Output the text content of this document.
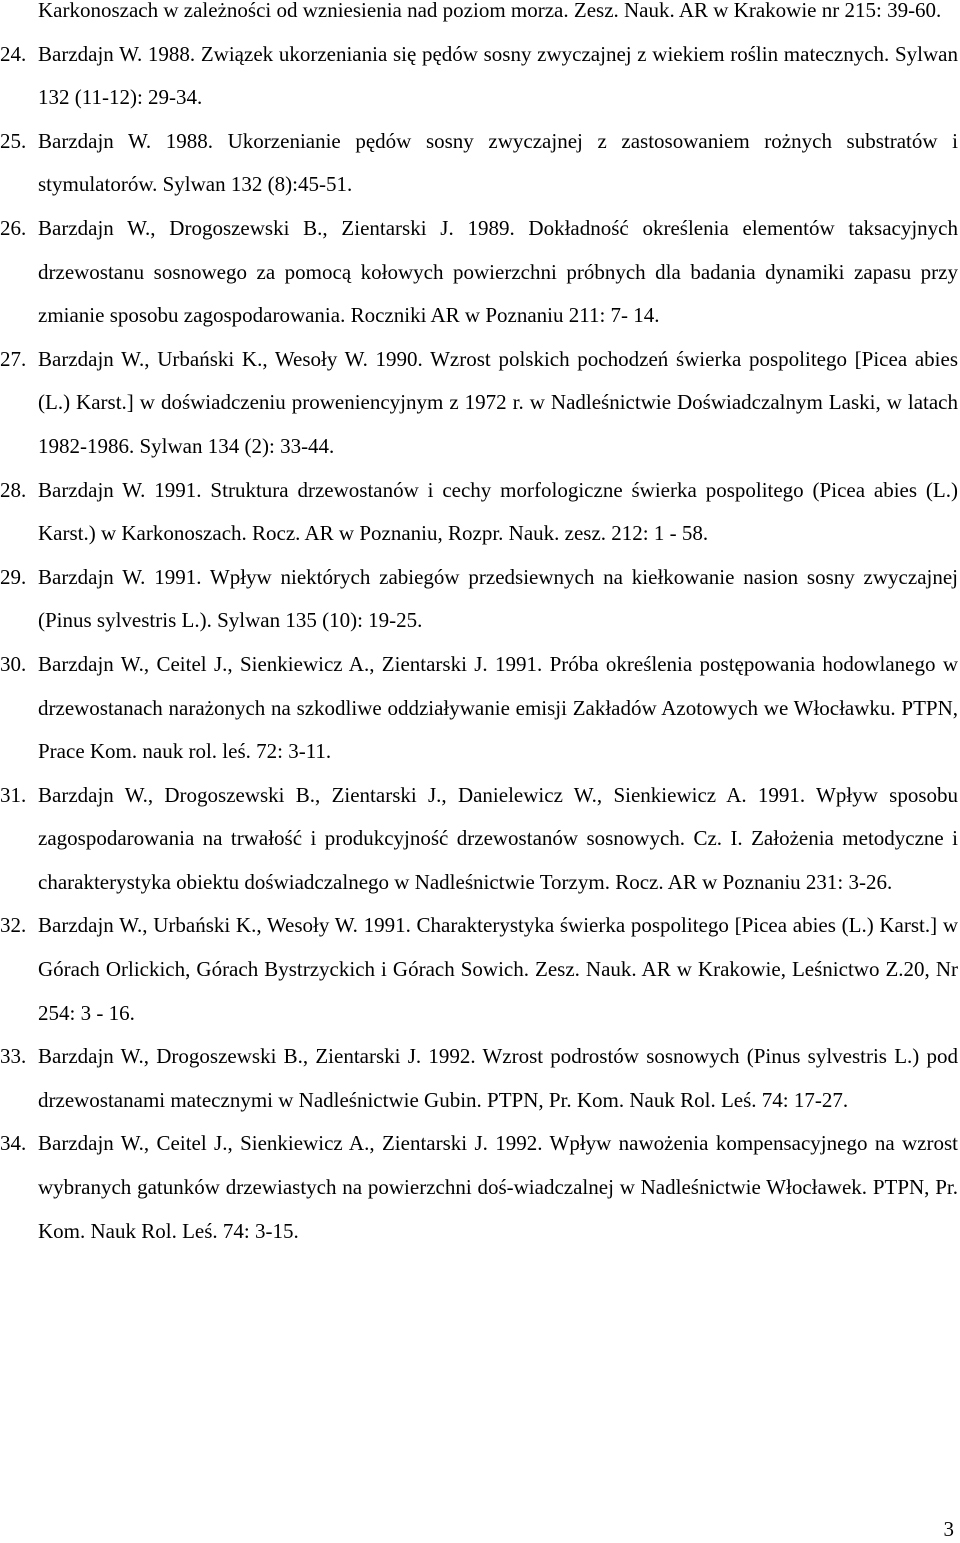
Karkonoszach w zależności od wzniesienia nad poziom morza. Zesz. Nauk. AR w Krakowie nr 215: 39-60.
24. Barzdajn W. 1988. Związek ukorzeniania się pędów sosny zwyczajnej z wiekiem roślin matecznych. Sylwan 132 (11-12): 29-34.
25. Barzdajn W. 1988. Ukorzenianie pędów sosny zwyczajnej z zastosowaniem rożnych substratów i stymulatorów. Sylwan 132 (8):45-51.
26. Barzdajn W., Drogoszewski B., Zientarski J. 1989. Dokładność określenia elementów taksacyjnych drzewostanu sosnowego za pomocą kołowych powierzchni próbnych dla badania dynamiki zapasu przy zmianie sposobu zagospodarowania. Roczniki AR w Poznaniu 211: 7- 14.
27. Barzdajn W., Urbański K., Wesoły W. 1990. Wzrost polskich pochodzeń świerka pospolitego [Picea abies (L.) Karst.] w doświadczeniu proweniencyjnym z 1972 r. w Nadleśnictwie Doświadczalnym Laski, w latach 1982-1986. Sylwan 134 (2): 33-44.
28. Barzdajn W. 1991. Struktura drzewostanów i cechy morfologiczne świerka pospolitego (Picea abies (L.) Karst.) w Karkonoszach. Rocz. AR w Poznaniu, Rozpr. Nauk. zesz. 212: 1 - 58.
29. Barzdajn W. 1991. Wpływ niektórych zabiegów przedsiewnych na kiełkowanie nasion sosny zwyczajnej (Pinus sylvestris L.). Sylwan 135 (10): 19-25.
30. Barzdajn W., Ceitel J., Sienkiewicz A., Zientarski J. 1991. Próba określenia postępowania hodowlanego w drzewostanach narażonych na szkodliwe oddziaływanie emisji Zakładów Azotowych we Włocławku. PTPN, Prace Kom. nauk rol. leś. 72: 3-11.
31. Barzdajn W., Drogoszewski B., Zientarski J., Danielewicz W., Sienkiewicz A. 1991. Wpływ sposobu zagospodarowania na trwałość i produkcyjność drzewostanów sosnowych. Cz. I. Założenia metodyczne i charakterystyka obiektu doświadczalnego w Nadleśnictwie Torzym. Rocz. AR w Poznaniu 231: 3-26.
32. Barzdajn W., Urbański K., Wesoły W. 1991. Charakterystyka świerka pospolitego [Picea abies (L.) Karst.] w Górach Orlickich, Górach Bystrzyckich i Górach Sowich. Zesz. Nauk. AR w Krakowie, Leśnictwo Z.20, Nr 254: 3 - 16.
33. Barzdajn W., Drogoszewski B., Zientarski J. 1992. Wzrost podrostów sosnowych (Pinus sylvestris L.) pod drzewostanami matecznymi w Nadleśnictwie Gubin. PTPN, Pr. Kom. Nauk Rol. Leś. 74: 17-27.
34. Barzdajn W., Ceitel J., Sienkiewicz A., Zientarski J. 1992. Wpływ nawożenia kompensacyjnego na wzrost wybranych gatunków drzewiastych na powierzchni doś-wiadczalnej w Nadleśnictwie Włocławek. PTPN, Pr. Kom. Nauk Rol. Leś. 74: 3-15.
3
